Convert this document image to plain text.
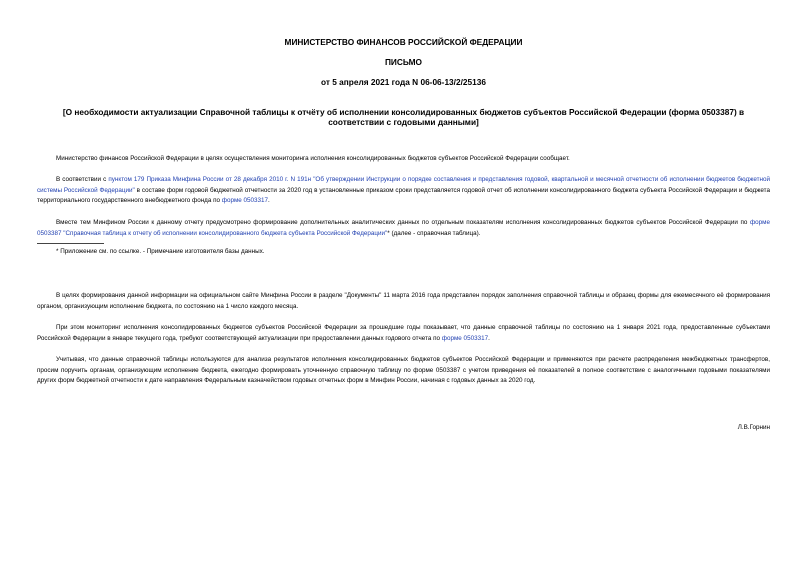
МИНИСТЕРСТВО ФИНАНСОВ РОССИЙСКОЙ ФЕДЕРАЦИИ
ПИСЬМО
от 5 апреля 2021 года N 06-06-13/2/25136
[О необходимости актуализации Справочной таблицы к отчёту об исполнении консолидированных бюджетов субъектов Российской Федерации (форма 0503387) в соответствии с годовыми данными]
Министерство финансов Российской Федерации в целях осуществления мониторинга исполнения консолидированных бюджетов субъектов Российской Федерации сообщает.
В соответствии с пунктом 179 Приказа Минфина России от 28 декабря 2010 г. N 191н "Об утверждении Инструкции о порядке составления и представления годовой, квартальной и месячной отчетности об исполнении бюджетов бюджетной системы Российской Федерации" в составе форм годовой бюджетной отчетности за 2020 год в установленные приказом сроки представляется годовой отчет об исполнении консолидированного бюджета субъекта Российской Федерации и бюджета территориального государственного внебюджетного фонда по форме 0503317.
Вместе тем Минфином России к данному отчету предусмотрено формирование дополнительных аналитических данных по отдельным показателям исполнения консолидированных бюджетов субъектов Российской Федерации по форме 0503387 "Справочная таблица к отчету об исполнении консолидированного бюджета субъекта Российской Федерации"* (далее - справочная таблица).
* Приложение см. по ссылке. - Примечание изготовителя базы данных.
В целях формирования данной информации на официальном сайте Минфина России в разделе "Документы" 11 марта 2016 года представлен порядок заполнения справочной таблицы и образец формы для ежемесячного её формирования органом, организующим исполнение бюджета, по состоянию на 1 число каждого месяца.
При этом мониторинг исполнения консолидированных бюджетов субъектов Российской Федерации за прошедшие годы показывает, что данные справочной таблицы по состоянию на 1 января 2021 года, предоставленные субъектами Российской Федерации в январе текущего года, требуют соответствующей актуализации при предоставлении данных годового отчета по форме 0503317.
Учитывая, что данные справочной таблицы используются для анализа результатов исполнения консолидированных бюджетов субъектов Российской Федерации и применяются при расчете распределения межбюджетных трансфертов, просим поручить органам, организующим исполнение бюджета, ежегодно формировать уточненную справочную таблицу по форме 0503387 с учетом приведения её показателей в полное соответствие с аналогичными годовыми показателями других форм бюджетной отчетности к дате направления Федеральным казначейством годовых отчетных форм в Минфин России, начиная с годовых данных за 2020 год.
Л.В.Горнин
